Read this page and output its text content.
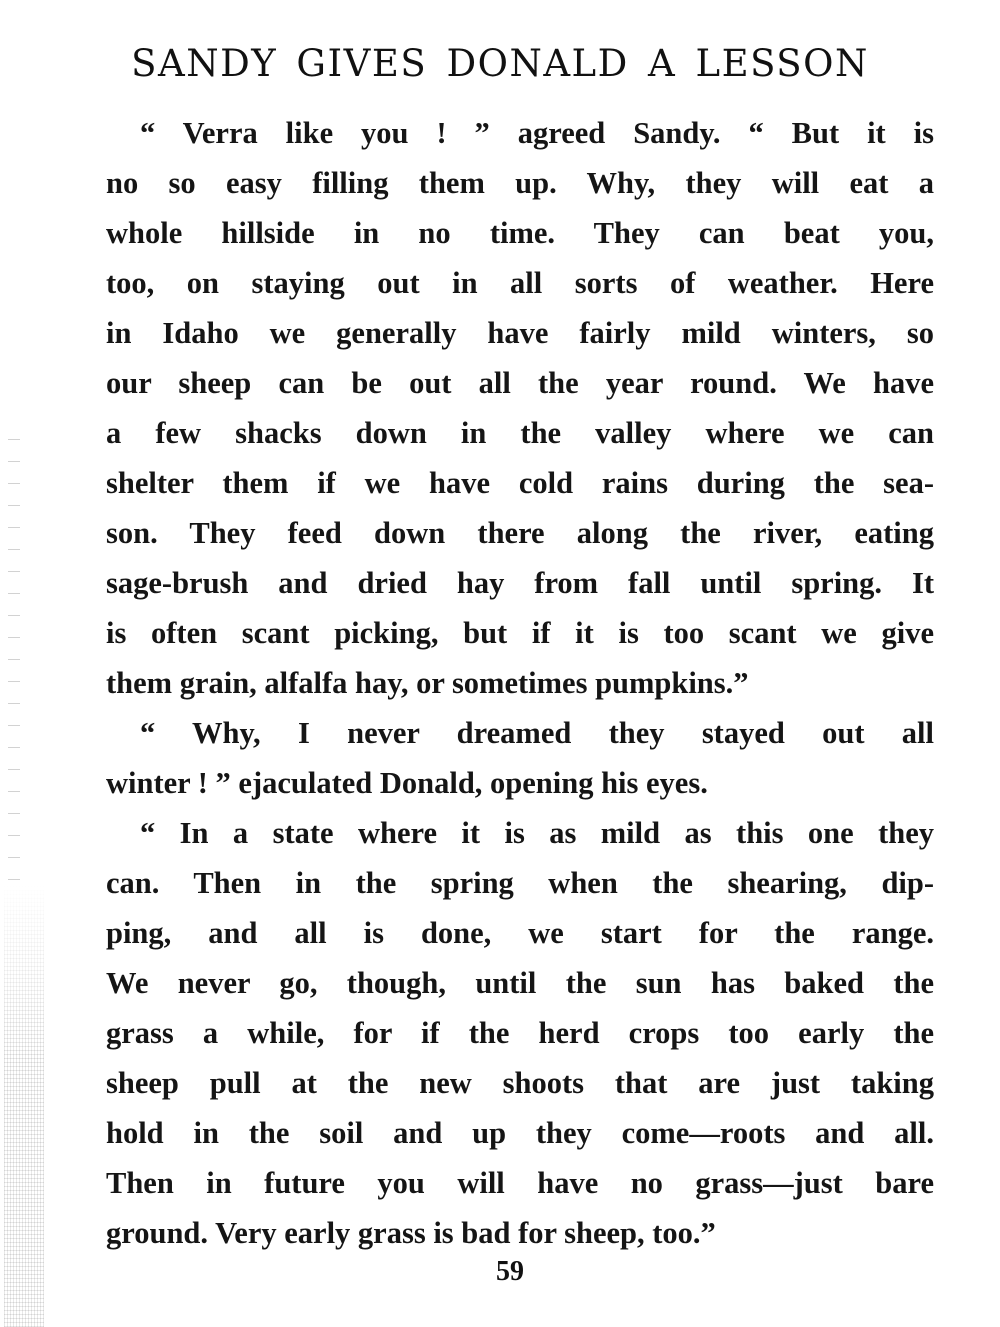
SANDY GIVES DONALD A LESSON
“ Verra like you ! ” agreed Sandy. “ But it is
no so easy filling them up. Why, they will eat a
whole hillside in no time. They can beat you,
too, on staying out in all sorts of weather. Here
in Idaho we generally have fairly mild winters, so
our sheep can be out all the year round. We have
a few shacks down in the valley where we can
shelter them if we have cold rains during the sea-
son. They feed down there along the river, eating
sage-brush and dried hay from fall until spring. It
is often scant picking, but if it is too scant we give
them grain, alfalfa hay, or sometimes pumpkins.”
“ Why, I never dreamed they stayed out all
winter ! ” ejaculated Donald, opening his eyes.
“ In a state where it is as mild as this one they
can. Then in the spring when the shearing, dip-
ping, and all is done, we start for the range.
We never go, though, until the sun has baked the
grass a while, for if the herd crops too early the
sheep pull at the new shoots that are just taking
hold in the soil and up they come—roots and all.
Then in future you will have no grass—just bare
ground. Very early grass is bad for sheep, too.”
59
